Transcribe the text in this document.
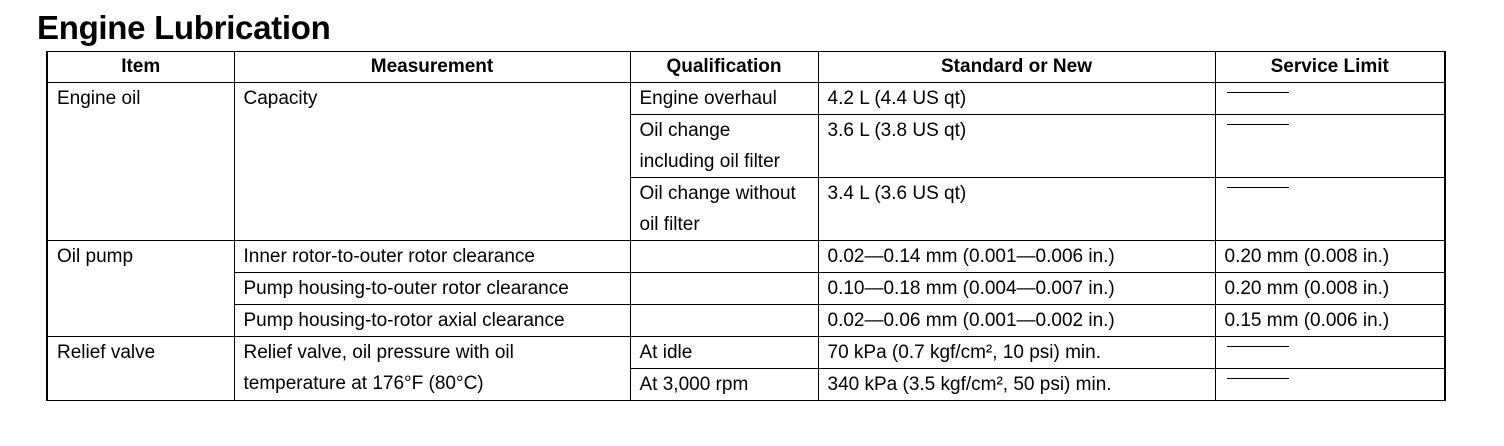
Engine Lubrication
Item	Measurement	Qualification	Standard or New	Service Limit
Engine oil	Capacity	Engine overhaul	4.2 L (4.4 US qt)	
		Oil change including oil filter	3.6 L (3.8 US qt)	
		Oil change without oil filter	3.4 L (3.6 US qt)	
Oil pump	Inner rotor-to-outer rotor clearance		0.02—0.14 mm (0.001—0.006 in.)	0.20 mm (0.008 in.)
	Pump housing-to-outer rotor clearance		0.10—0.18 mm (0.004—0.007 in.)	0.20 mm (0.008 in.)
	Pump housing-to-rotor axial clearance		0.02—0.06 mm (0.001—0.002 in.)	0.15 mm (0.006 in.)
Relief valve	Relief valve, oil pressure with oil temperature at 176°F (80°C)	At idle	70 kPa (0.7 kgf/cm², 10 psi) min.	
		At 3,000 rpm	340 kPa (3.5 kgf/cm², 50 psi) min.	
